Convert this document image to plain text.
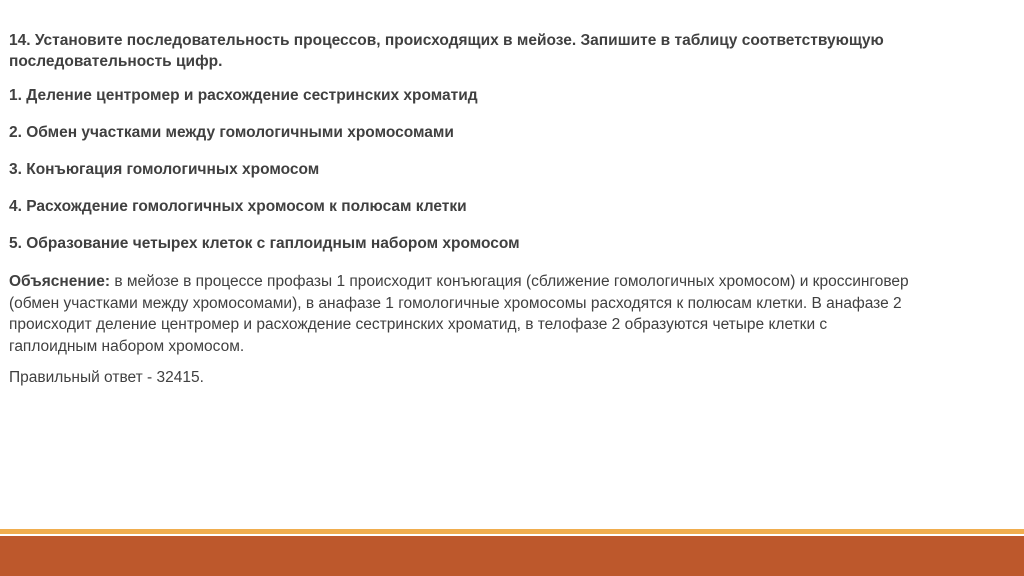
14. Установите последовательность процессов, происходящих в мейозе. Запишите в таблицу соответствующую последовательность цифр.

1. Деление центромер и расхождение сестринских хроматид

2. Обмен участками между гомологичными хромосомами

3. Конъюгация гомологичных хромосом

4. Расхождение гомологичных хромосом к полюсам клетки

5. Образование четырех клеток с гаплоидным набором хромосом

Объяснение: в мейозе в процессе профазы 1 происходит конъюгация (сближение гомологичных хромосом) и кроссинговер (обмен участками между хромосомами), в анафазе 1 гомологичные хромосомы расходятся к полюсам клетки. В анафазе 2 происходит деление центромер и расхождение сестринских хроматид, в телофазе 2 образуются четыре клетки с гаплоидным набором хромосом.

Правильный ответ - 32415.
